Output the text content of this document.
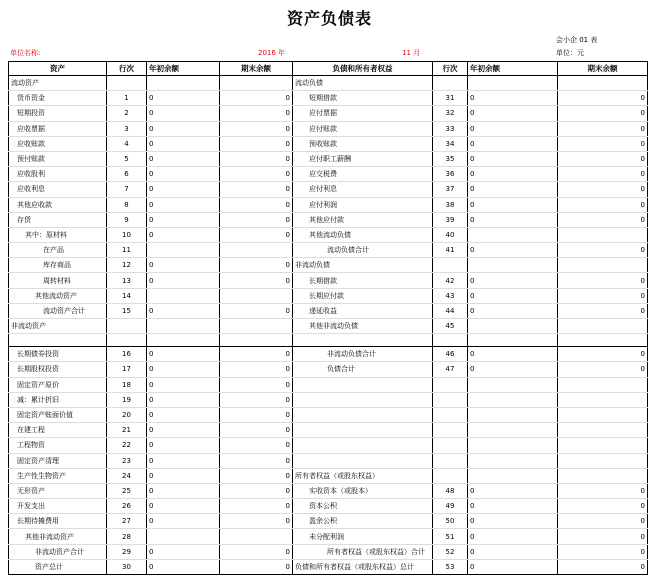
资产负债表
会小企 01 表
单位名称:	2016 年	11 月	单位：元
资产	行次	年初余额	期末余额	负债和所有者权益	行次	年初余额	期末余额
流动资产				流动负债			
货币资金	1	0	0	短期借款	31	0	0
短期投资	2	0	0	应付票据	32	0	0
应收票据	3	0	0	应付账款	33	0	0
应收账款	4	0	0	预收账款	34	0	0
预付账款	5	0	0	应付职工薪酬	35	0	0
应收股利	6	0	0	应交税费	36	0	0
应收利息	7	0	0	应付利息	37	0	0
其他应收款	8	0	0	应付利润	38	0	0
存货	9	0	0	其他应付款	39	0	0
其中：原材料	10	0	0	其他流动负债	40		
在产品	11			流动负债合计	41	0	0
库存商品	12	0	0	非流动负债			
周转材料	13	0	0	长期借款	42	0	0
其他流动资产	14			长期应付款	43	0	0
流动资产合计	15	0	0	递延收益	44	0	0
非流动资产				其他非流动负债	45		

长期债券投资	16	0	0	非流动负债合计	46	0	0
长期股权投资	17	0	0	负债合计	47	0	0
固定资产原价	18	0	0				
减：累计折旧	19	0	0				
固定资产账面价值	20	0	0				
在建工程	21	0	0				
工程物资	22	0	0				
固定资产清理	23	0	0				
生产性生物资产	24	0	0	所有者权益（或股东权益）			
无形资产	25	0	0	实收资本（或股本）	48	0	0
开发支出	26	0	0	资本公积	49	0	0
长期待摊费用	27	0	0	盈余公积	50	0	0
其他非流动资产	28			未分配利润	51	0	0
非流动资产合计	29	0	0	所有者权益（或股东权益）合计	52	0	0
资产总计	30	0	0	负债和所有者权益（或股东权益）总计	53	0	0
